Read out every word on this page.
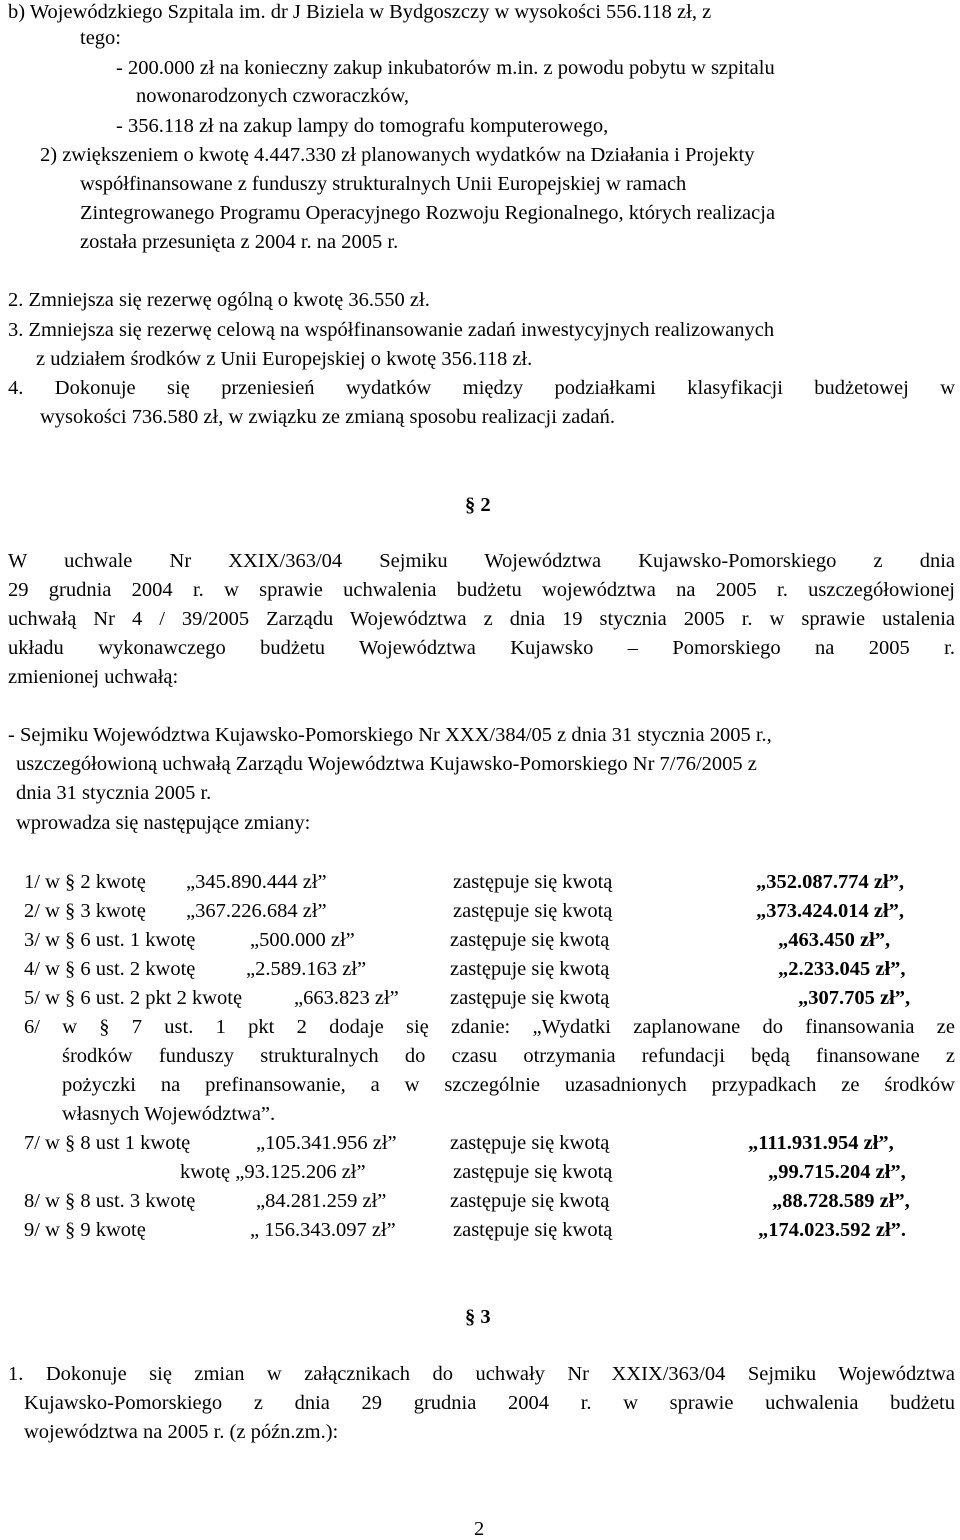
b) Wojewódzkiego Szpitala im. dr J Biziela w Bydgoszczy w wysokości 556.118 zł, z
tego:
- 200.000 zł na konieczny zakup inkubatorów m.in. z powodu pobytu w szpitalu
nowonarodzonych czworaczków,
- 356.118 zł na zakup lampy do tomografu komputerowego,
2) zwiększeniem o kwotę 4.447.330 zł planowanych wydatków na Działania i Projekty
współfinansowane z funduszy strukturalnych Unii Europejskiej w ramach
Zintegrowanego Programu Operacyjnego Rozwoju Regionalnego, których realizacja
została przesunięta z 2004 r. na 2005 r.
2. Zmniejsza się rezerwę ogólną o kwotę 36.550 zł.
3. Zmniejsza się rezerwę celową na współfinansowanie zadań inwestycyjnych realizowanych
z udziałem środków z Unii Europejskiej o kwotę 356.118 zł.
4. Dokonuje się przeniesień wydatków między podziałkami klasyfikacji budżetowej w
wysokości 736.580 zł, w związku ze zmianą sposobu realizacji zadań.
§ 2
W uchwale Nr XXIX/363/04 Sejmiku Województwa Kujawsko-Pomorskiego z dnia
29 grudnia 2004 r. w sprawie uchwalenia budżetu województwa na 2005 r. uszczegółowionej
uchwałą Nr 4 / 39/2005 Zarządu Województwa z dnia 19 stycznia 2005 r. w sprawie ustalenia
układu wykonawczego budżetu Województwa Kujawsko – Pomorskiego na 2005 r.
zmienionej uchwałą:
- Sejmiku Województwa Kujawsko-Pomorskiego Nr XXX/384/05 z dnia 31 stycznia 2005 r.,
uszczegółowioną uchwałą Zarządu Województwa Kujawsko-Pomorskiego Nr 7/76/2005 z
dnia 31 stycznia 2005 r.
wprowadza się następujące zmiany:
1/ w § 2 kwotę „345.890.444 zł”	zastępuje się kwotą	„352.087.774 zł”,
2/ w § 3 kwotę „367.226.684 zł”	zastępuje się kwotą	„373.424.014 zł”,
3/ w § 6 ust. 1 kwotę	„500.000 zł”	zastępuje się kwotą	„463.450 zł”,
4/ w § 6 ust. 2 kwotę „2.589.163 zł”	zastępuje się kwotą	„2.233.045 zł”,
5/ w § 6 ust. 2 pkt 2 kwotę	„663.823 zł”	zastępuje się kwotą	„307.705 zł”,
6/ w § 7 ust. 1 pkt 2 dodaje się zdanie: „Wydatki zaplanowane do finansowania ze
środków funduszy strukturalnych do czasu otrzymania refundacji będą finansowane z
pożyczki na prefinansowanie, a w szczególnie uzasadnionych przypadkach ze środków
własnych Województwa”.
7/ w § 8 ust 1 kwotę	„105.341.956 zł”	zastępuje się kwotą	„111.931.954 zł”,
kwotę „93.125.206 zł”	zastępuje się kwotą	„99.715.204 zł”,
8/ w § 8 ust. 3 kwotę	„84.281.259 zł”	zastępuje się kwotą	„88.728.589 zł”,
9/ w § 9 kwotę	„ 156.343.097 zł”	zastępuje się kwotą	„174.023.592 zł”.
§ 3
1. Dokonuje się zmian w załącznikach do uchwały Nr XXIX/363/04 Sejmiku Województwa
Kujawsko-Pomorskiego z dnia 29 grudnia 2004 r. w sprawie uchwalenia budżetu
województwa na 2005 r. (z późn.zm.):
2
